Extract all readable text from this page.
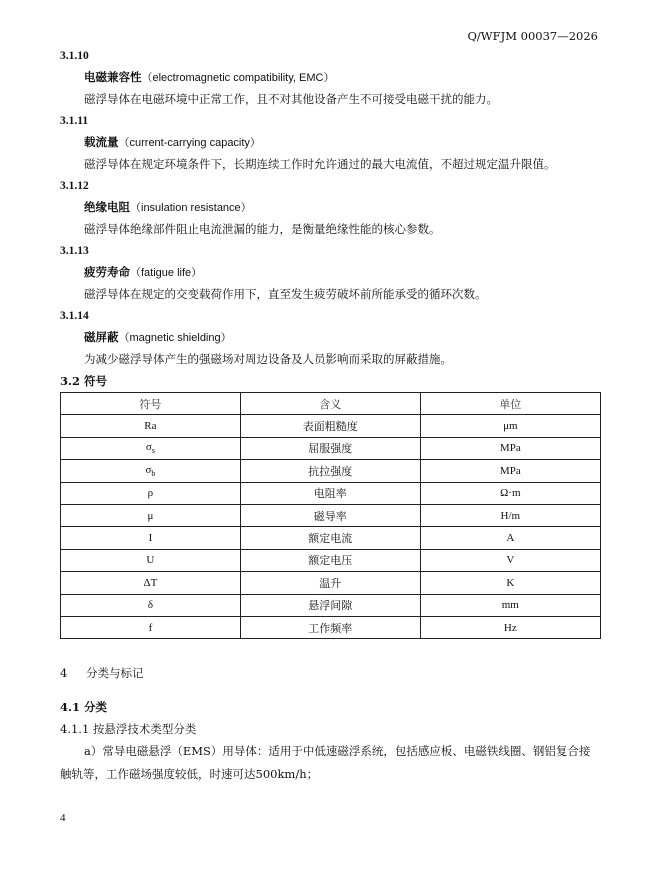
Q/WFJM 00037—2026
3.1.10
电磁兼容性（electromagnetic compatibility, EMC）
磁浮导体在电磁环境中正常工作，且不对其他设备产生不可接受电磁干扰的能力。
3.1.11
载流量（current-carrying capacity）
磁浮导体在规定环境条件下，长期连续工作时允许通过的最大电流值，不超过规定温升限值。
3.1.12
绝缘电阻（insulation resistance）
磁浮导体绝缘部件阻止电流泄漏的能力，是衡量绝缘性能的核心参数。
3.1.13
疲劳寿命（fatigue life）
磁浮导体在规定的交变载荷作用下，直至发生疲劳破坏前所能承受的循环次数。
3.1.14
磁屏蔽（magnetic shielding）
为减少磁浮导体产生的强磁场对周边设备及人员影响而采取的屏蔽措施。
3.2 符号
符号	含义	单位
Ra	表面粗糙度	μm
$\sigma_s$	屈服强度	MPa
$\sigma_b$	抗拉强度	MPa
ρ	电阻率	Ω·m
μ	磁导率	H/m
I	额定电流	A
U	额定电压	V
ΔT	温升	K
δ	悬浮间隙	mm
f	工作频率	Hz
4 分类与标记
4.1 分类
4.1.1 按悬浮技术类型分类
a）常导电磁悬浮（EMS）用导体：适用于中低速磁浮系统，包括感应板、电磁铁线圈、钢铝复合接
触轨等，工作磁场强度较低，时速可达500km/h；
4
